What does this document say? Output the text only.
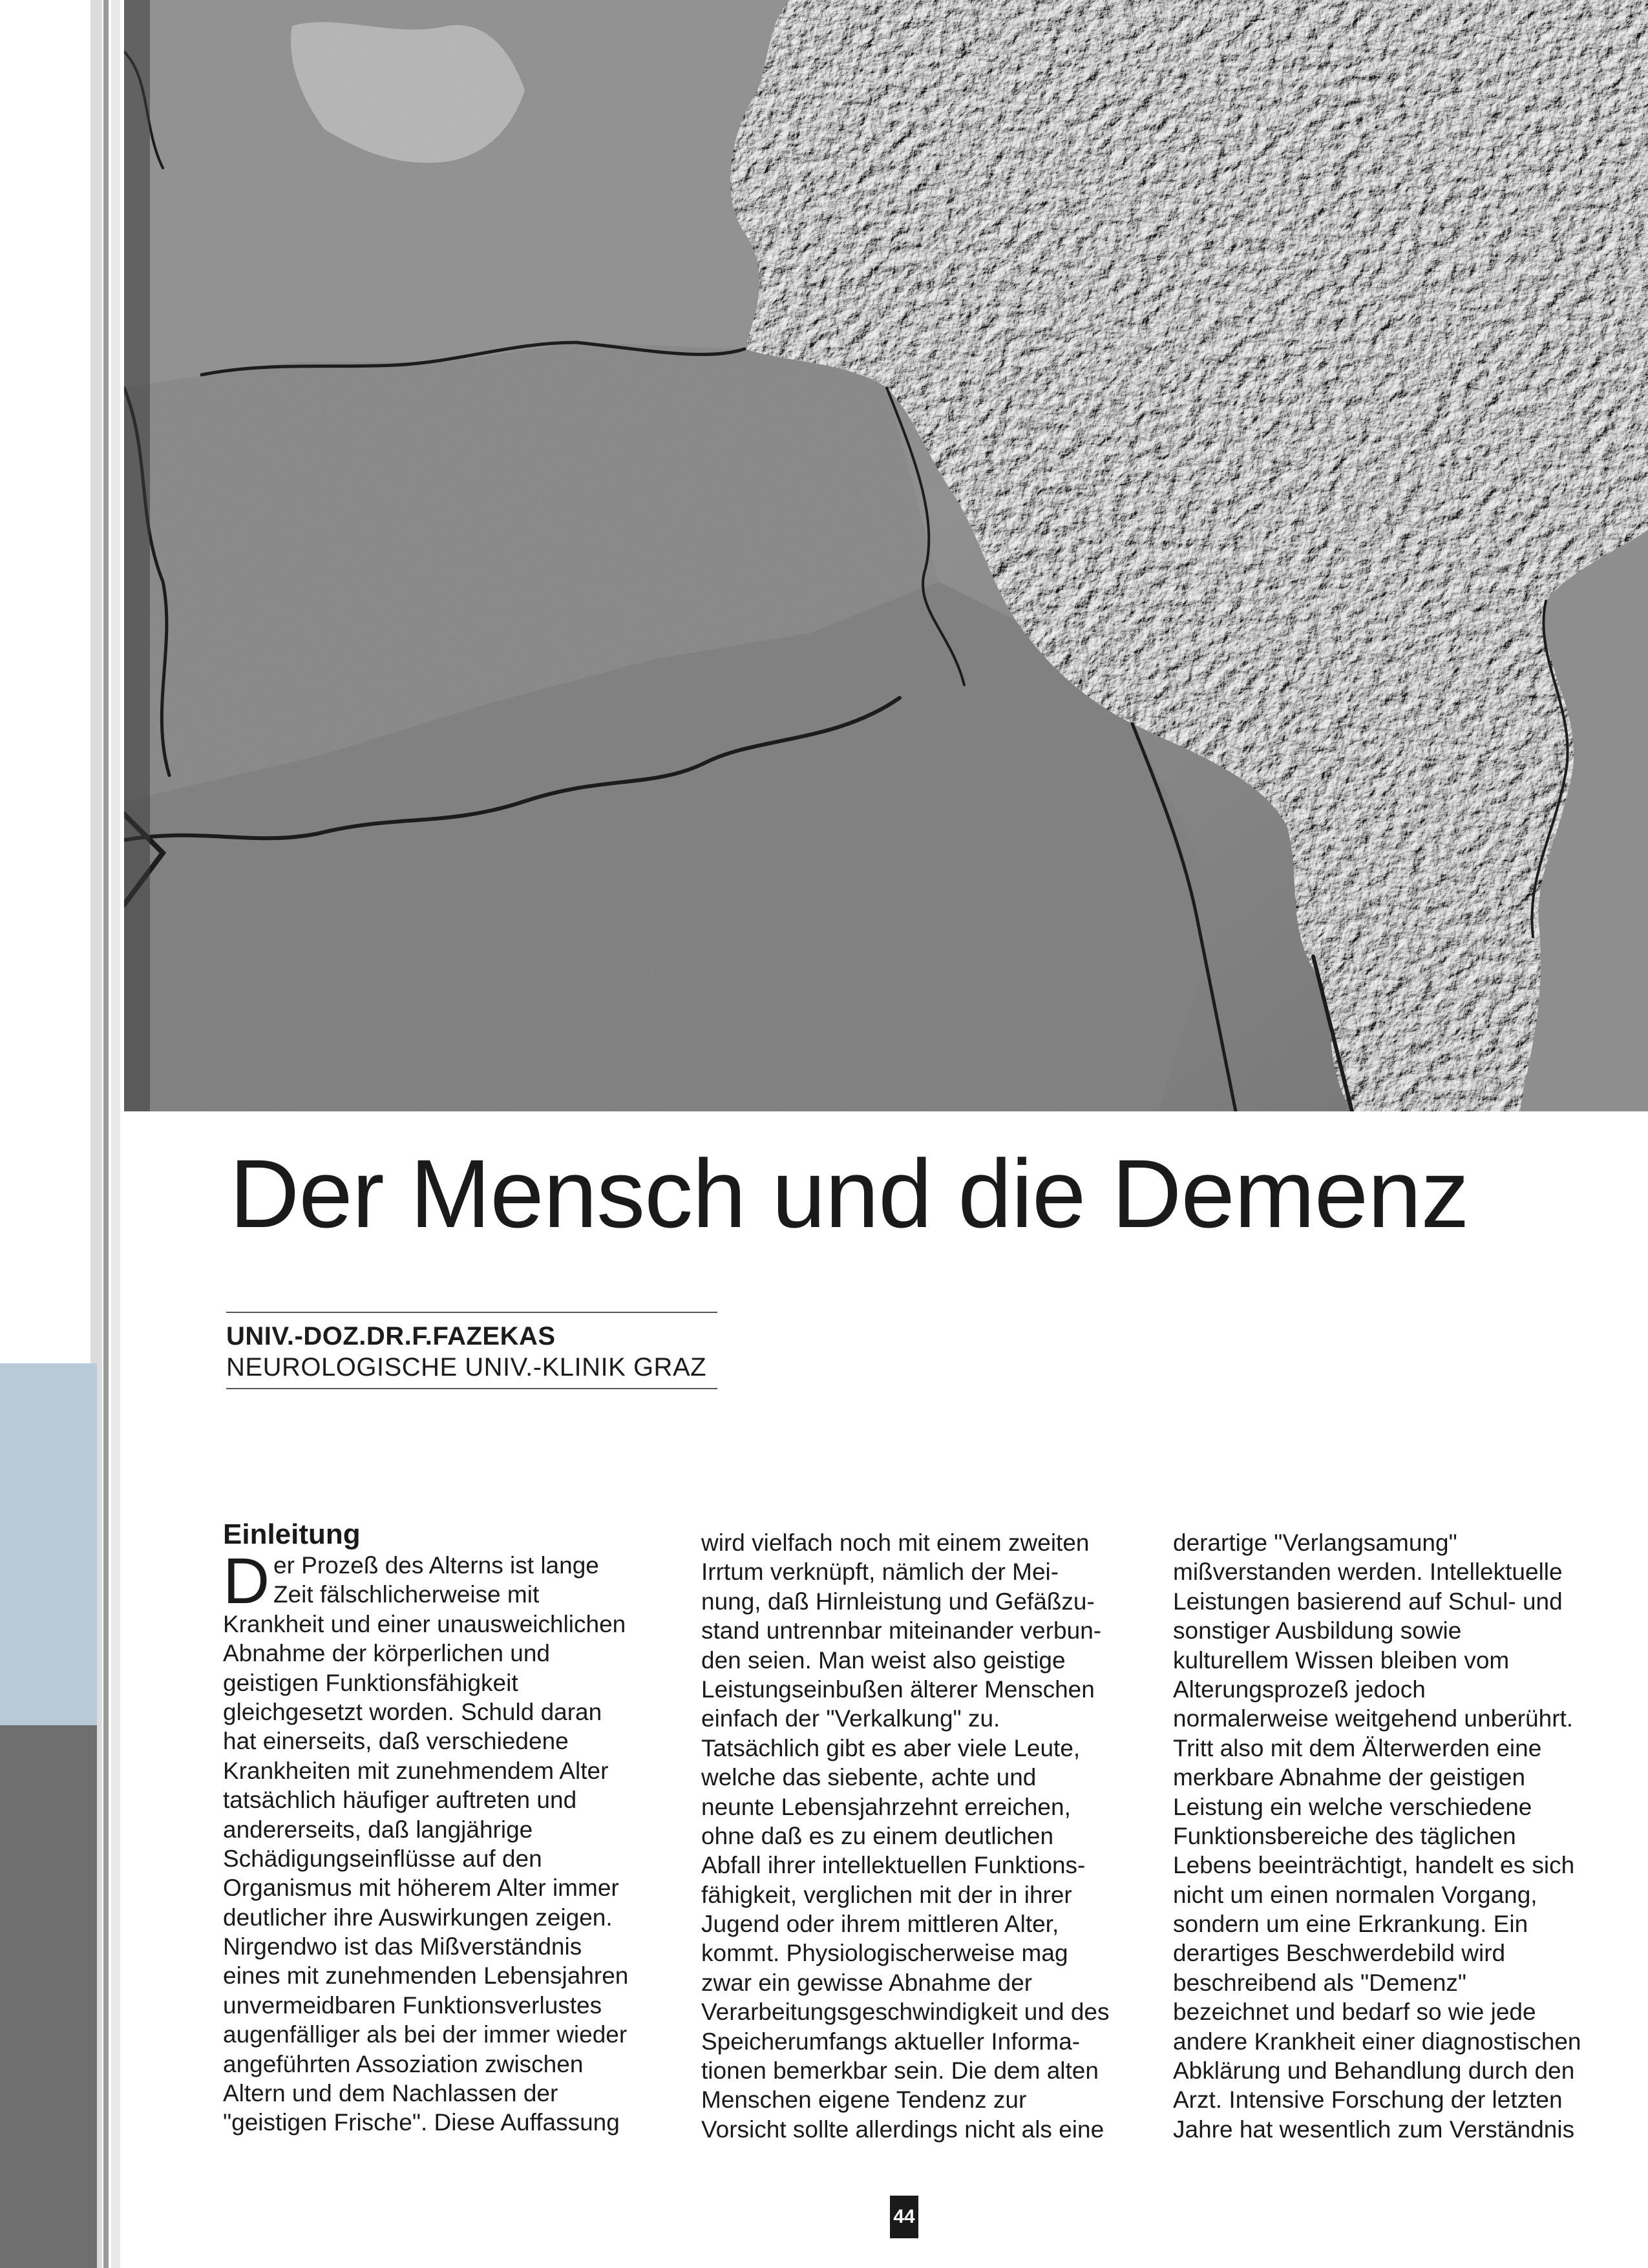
Der Mensch und die Demenz
UNIV.-DOZ.DR.F.FAZEKAS
NEUROLOGISCHE UNIV.-KLINIK GRAZ
Einleitung
D er Prozeß des Alterns ist lange
Zeit fälschlicherweise mit
Krankheit und einer unausweichlichen
Abnahme der körperlichen und
geistigen Funktionsfähigkeit
gleichgesetzt worden. Schuld daran
hat einerseits, daß verschiedene
Krankheiten mit zunehmendem Alter
tatsächlich häufiger auftreten und
andererseits, daß langjährige
Schädigungseinflüsse auf den
Organismus mit höherem Alter immer
deutlicher ihre Auswirkungen zeigen.
Nirgendwo ist das Mißverständnis
eines mit zunehmenden Lebensjahren
unvermeidbaren Funktionsverlustes
augenfälliger als bei der immer wieder
angeführten Assoziation zwischen
Altern und dem Nachlassen der
"geistigen Frische". Diese Auffassung
wird vielfach noch mit einem zweiten
Irrtum verknüpft, nämlich der Mei-
nung, daß Hirnleistung und Gefäßzu-
stand untrennbar miteinander verbun-
den seien. Man weist also geistige
Leistungseinbußen älterer Menschen
einfach der "Verkalkung" zu.
Tatsächlich gibt es aber viele Leute,
welche das siebente, achte und
neunte Lebensjahrzehnt erreichen,
ohne daß es zu einem deutlichen
Abfall ihrer intellektuellen Funktions-
fähigkeit, verglichen mit der in ihrer
Jugend oder ihrem mittleren Alter,
kommt. Physiologischerweise mag
zwar ein gewisse Abnahme der
Verarbeitungsgeschwindigkeit und des
Speicherumfangs aktueller Informa-
tionen bemerkbar sein. Die dem alten
Menschen eigene Tendenz zur
Vorsicht sollte allerdings nicht als eine
derartige "Verlangsamung"
mißverstanden werden. Intellektuelle
Leistungen basierend auf Schul- und
sonstiger Ausbildung sowie
kulturellem Wissen bleiben vom
Alterungsprozeß jedoch
normalerweise weitgehend unberührt.
Tritt also mit dem Älterwerden eine
merkbare Abnahme der geistigen
Leistung ein welche verschiedene
Funktionsbereiche des täglichen
Lebens beeinträchtigt, handelt es sich
nicht um einen normalen Vorgang,
sondern um eine Erkrankung. Ein
derartiges Beschwerdebild wird
beschreibend als "Demenz"
bezeichnet und bedarf so wie jede
andere Krankheit einer diagnostischen
Abklärung und Behandlung durch den
Arzt. Intensive Forschung der letzten
Jahre hat wesentlich zum Verständnis
44
